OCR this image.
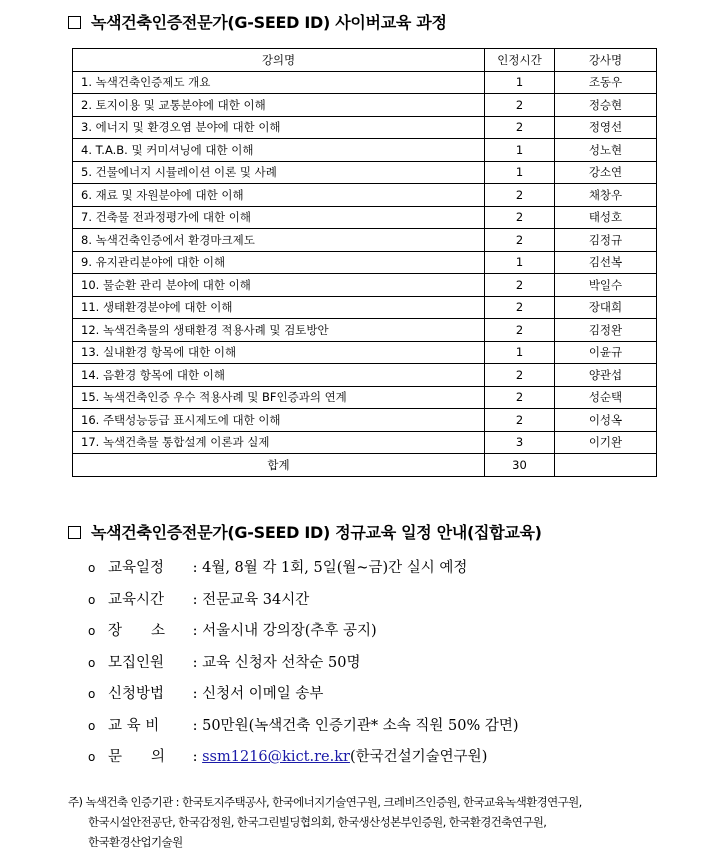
녹색건축인증전문가(G-SEED ID) 사이버교육 과정
강의명	인정시간	강사명
1. 녹색건축인증제도 개요	1	조동우
2. 토지이용 및 교통분야에 대한 이해	2	정승현
3. 에너지 및 환경오염 분야에 대한 이해	2	정영선
4. T.A.B. 및 커미셔닝에 대한 이해	1	성노현
5. 건물에너지 시뮬레이션 이론 및 사례	1	강소연
6. 재료 및 자원분야에 대한 이해	2	채창우
7. 건축물 전과정평가에 대한 이해	2	태성호
8. 녹색건축인증에서 환경마크제도	2	김정규
9. 유지관리분야에 대한 이해	1	김선복
10. 물순환 관리 분야에 대한 이해	2	박일수
11. 생태환경분야에 대한 이해	2	장대희
12. 녹색건축물의 생태환경 적용사례 및 검토방안	2	김정완
13. 실내환경 항목에 대한 이해	1	이윤규
14. 음환경 항목에 대한 이해	2	양관섭
15. 녹색건축인증 우수 적용사례 및 BF인증과의 연계	2	성순택
16. 주택성능등급 표시제도에 대한 이해	2	이성옥
17. 녹색건축물 통합설계 이론과 실제	3	이기완
합계	30	
녹색건축인증전문가(G-SEED ID) 정규교육 일정 안내(집합교육)
o 교육일정 : 4월, 8월 각 1회, 5일(월~금)간 실시 예정
o 교육시간 : 전문교육 34시간
o 장　　소 : 서울시내 강의장(추후 공지)
o 모집인원 : 교육 신청자 선착순 50명
o 신청방법 : 신청서 이메일 송부
o 교 육 비 : 50만원(녹색건축 인증기관* 소속 직원 50% 감면)
o 문　　의 : ssm1216@kict.re.kr(한국건설기술연구원)
주) 녹색건축 인증기관 : 한국토지주택공사, 한국에너지기술연구원, 크레비즈인증원, 한국교육녹색환경연구원,
한국시설안전공단, 한국감정원, 한국그린빌딩협의회, 한국생산성본부인증원, 한국환경건축연구원,
한국환경산업기술원
